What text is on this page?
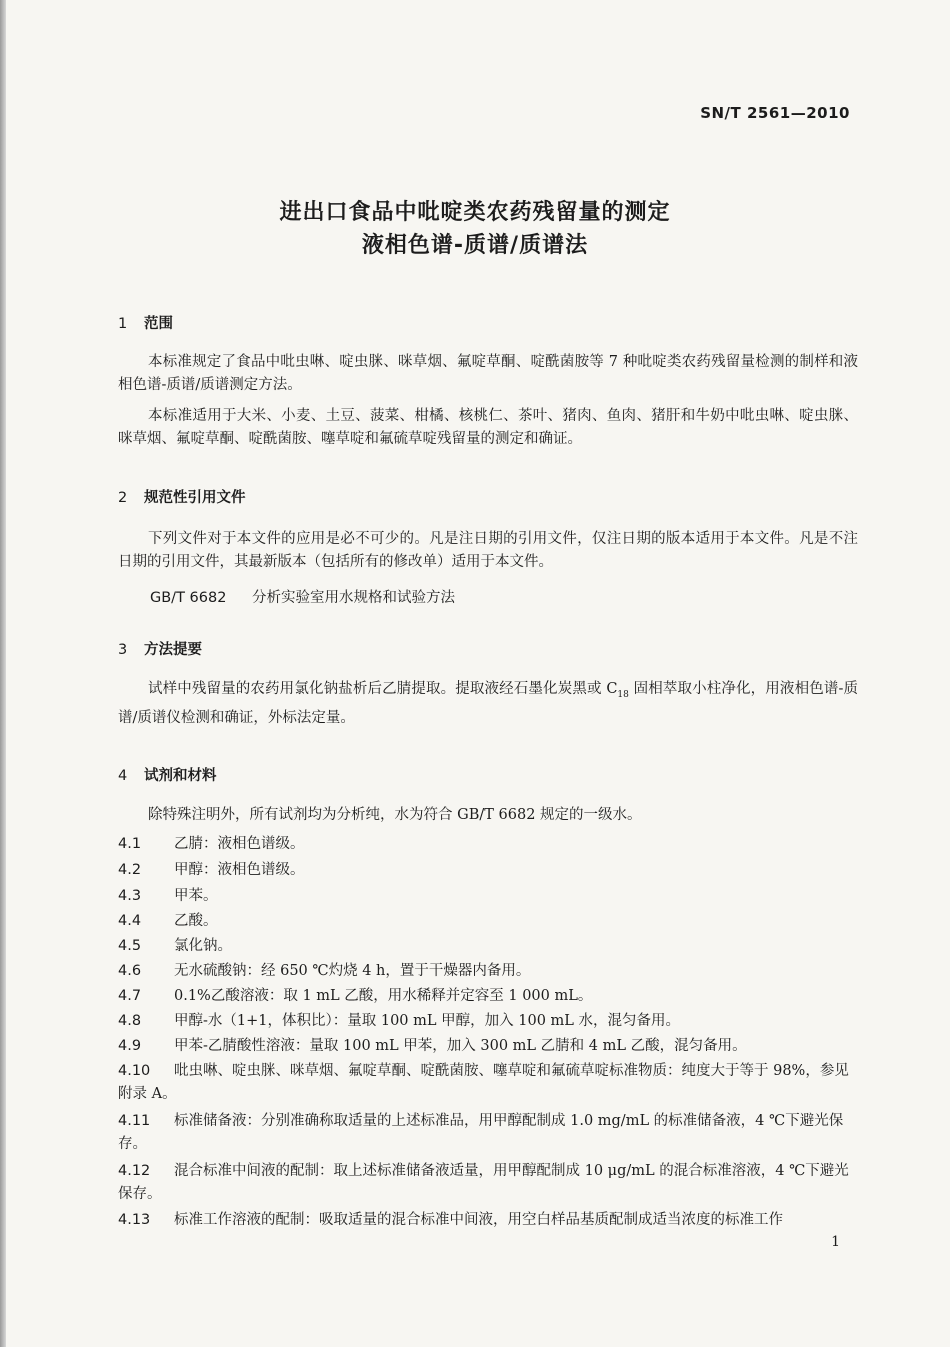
SN/T 2561—2010
进出口食品中吡啶类农药残留量的测定
液相色谱-质谱/质谱法
1 范围
本标准规定了食品中吡虫啉、啶虫脒、咪草烟、氟啶草酮、啶酰菌胺等 7 种吡啶类农药残留量检测的制样和液相色谱-质谱/质谱测定方法。
本标准适用于大米、小麦、土豆、菠菜、柑橘、核桃仁、茶叶、猪肉、鱼肉、猪肝和牛奶中吡虫啉、啶虫脒、咪草烟、氟啶草酮、啶酰菌胺、噻草啶和氟硫草啶残留量的测定和确证。
2 规范性引用文件
下列文件对于本文件的应用是必不可少的。凡是注日期的引用文件，仅注日期的版本适用于本文件。凡是不注日期的引用文件，其最新版本（包括所有的修改单）适用于本文件。
GB/T 6682 分析实验室用水规格和试验方法
3 方法提要
试样中残留量的农药用氯化钠盐析后乙腈提取。提取液经石墨化炭黑或 $C_{18}$ 固相萃取小柱净化，用液相色谱-质谱/质谱仪检测和确证，外标法定量。
4 试剂和材料
除特殊注明外，所有试剂均为分析纯，水为符合 GB/T 6682 规定的一级水。
4.1 乙腈：液相色谱级。
4.2 甲醇：液相色谱级。
4.3 甲苯。
4.4 乙酸。
4.5 氯化钠。
4.6 无水硫酸钠：经 650 ℃灼烧 4 h，置于干燥器内备用。
4.7 0.1%乙酸溶液：取 1 mL 乙酸，用水稀释并定容至 1 000 mL。
4.8 甲醇-水（1+1，体积比）：量取 100 mL 甲醇，加入 100 mL 水，混匀备用。
4.9 甲苯-乙腈酸性溶液：量取 100 mL 甲苯，加入 300 mL 乙腈和 4 mL 乙酸，混匀备用。
4.10 吡虫啉、啶虫脒、咪草烟、氟啶草酮、啶酰菌胺、噻草啶和氟硫草啶标准物质：纯度大于等于 98%，参见附录 A。
4.11 标准储备液：分别准确称取适量的上述标准品，用甲醇配制成 1.0 mg/mL 的标准储备液，4 ℃下避光保存。
4.12 混合标准中间液的配制：取上述标准储备液适量，用甲醇配制成 10 μg/mL 的混合标准溶液，4 ℃下避光保存。
4.13 标准工作溶液的配制：吸取适量的混合标准中间液，用空白样品基质配制成适当浓度的标准工作
1
